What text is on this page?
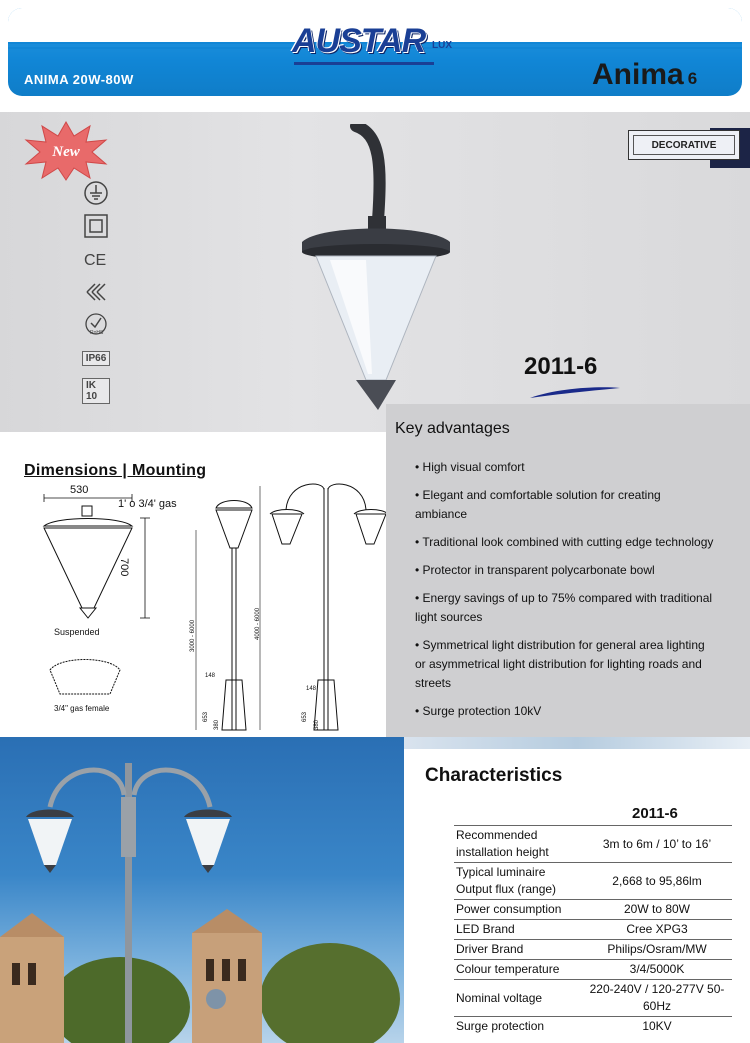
AUSTAR LUX
ANIMA 20W-80W	Anima 6
New
CE
RoHS
IP66
IK 10
DECORATIVE
2011-6
Dimensions | Mounting
530
1' o 3/4' gas
700
Suspended
3/4" gas female
3000 - 6000	4000 - 6000
148
148
653	653
380	380
Key advantages
• High visual comfort
• Elegant and comfortable solution for creating ambiance
• Traditional look combined with cutting edge technology
• Protector in transparent polycarbonate bowl
• Energy savings of up to 75% compared with traditional light sources
• Symmetrical light distribution for general area lighting or asymmetrical light distribution for lighting roads and streets
• Surge protection 10kV
Characteristics
2011-6
Recommended installation height	3m to 6m / 10’ to 16’
Typical luminaire Output flux (range)	2,668 to 95,86lm
Power consumption	20W to 80W
LED Brand	Cree XPG3
Driver Brand	Philips/Osram/MW
Colour temperature	3/4/5000K
Nominal voltage	220-240V / 120-277V 50-60Hz
Surge protection	10KV
